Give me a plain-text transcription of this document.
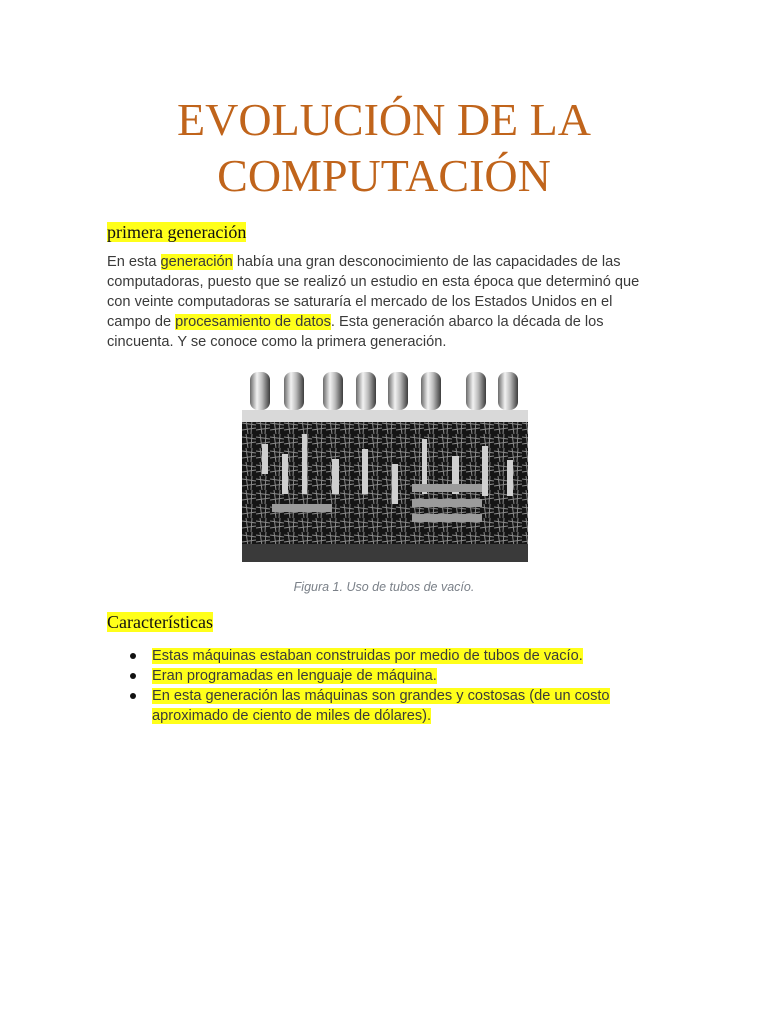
EVOLUCIÓN DE LA
COMPUTACIÓN
primera generación
En esta generación había una gran desconocimiento de las capacidades de las
computadoras, puesto que se realizó un estudio en esta época que determinó que
con veinte computadoras se saturaría el mercado de los Estados Unidos en el
campo de procesamiento de datos. Esta generación abarco la década de los
cincuenta. Y se conoce como la primera generación.
Figura 1. Uso de tubos de vacío.
Características
Estas máquinas estaban construidas por medio de tubos de vacío.
Eran programadas en lenguaje de máquina.
En esta generación las máquinas son grandes y costosas (de un costo
aproximado de ciento de miles de dólares).
